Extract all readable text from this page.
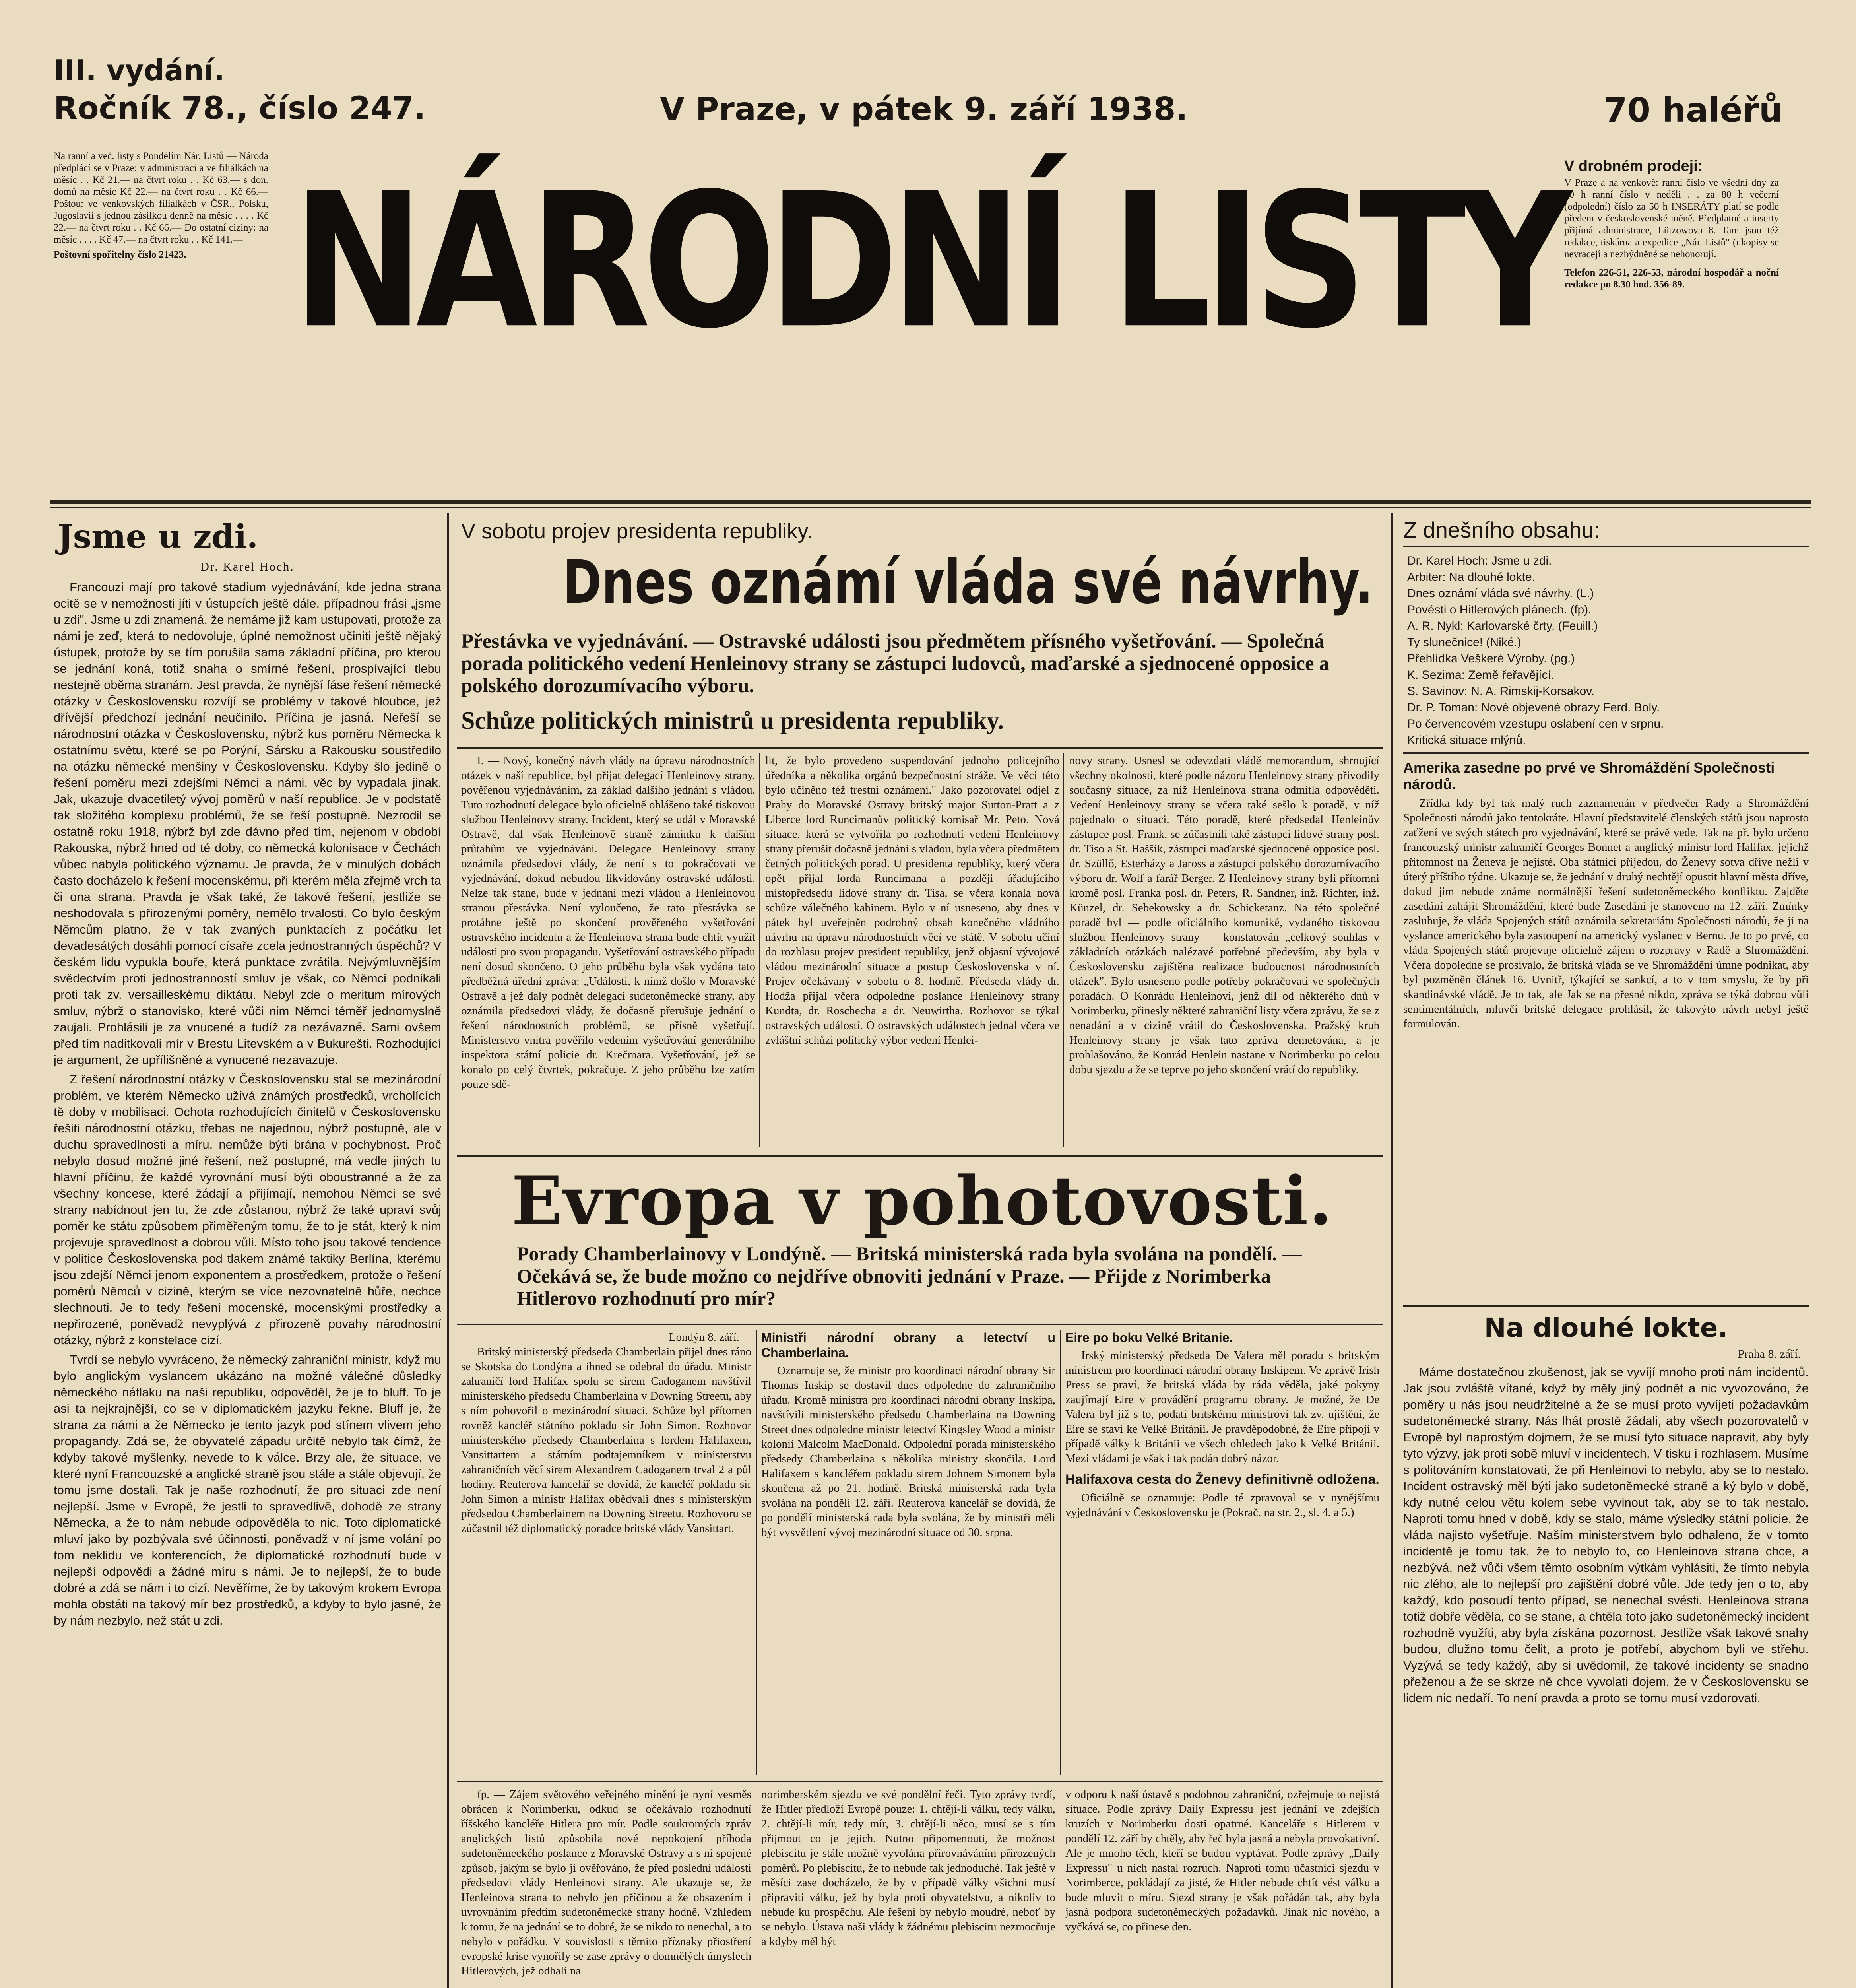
III. vydání.
Ročník 78., číslo 247.	V Praze, v pátek 9. září 1938.	70 haléřů
Na ranní a več. listy s Pondělím Nár. Listů — Národa předplácí se v Praze: v administraci a ve filiálkách na měsíc . . Kč 21.— na čtvrt roku . . Kč 63.— s don. domů na měsíc Kč 22.— na čtvrt roku . . Kč 66.— Poštou: ve venkovských filiálkách v ČSR., Polsku, Jugoslavii s jednou zásilkou denně na měsíc . . . . Kč 22.— na čtvrt roku . . Kč 66.— Do ostatní ciziny: na měsíc . . . . Kč 47.— na čtvrt roku . . Kč 141.—
Poštovní spořitelny číslo 21423. NÁRODNÍ LISTY V drobném prodeji:
V Praze a na venkově: ranní číslo ve všední dny za 70 h ranní číslo v neděli . . za 80 h večerní (odpolední) číslo za 50 h INSERÁTY platí se podle předem v československé měně. Předplatné a inserty přijímá administrace, Lützowova 8. Tam jsou též redakce, tiskárna a expedice „Nár. Listů" (ukopisy se nevracejí a nezbýdněné se nehonorují.
Telefon 226-51, 226-53, národní hospodář a noční redakce po 8.30 hod. 356-89.
Jsme u zdi.
Dr. Karel Hoch.

Francouzi mají pro takové stadium vyjednávání, kde jedna strana ocitě se v nemožnosti jíti v ústupcích ještě dále, případnou frási „jsme u zdi". Jsme u zdi znamená, že nemáme již kam ustupovati, protože za námi je zeď, která to nedovoluje, úplné nemožnost učiniti ještě nějaký ústupek, protože by se tím porušila sama základní příčina, pro kterou se jednání koná, totiž snaha o smírné řešení, prospívající tlebu nestejně oběma stranám. Jest pravda, že nynější fáse řešení německé otázky v Československu rozvíjí se problémy v takové hloubce, jež dřívější předchozí jednání neučinilo. Příčina je jasná. Neřeší se národnostní otázka v Československu, nýbrž kus poměru Německa k ostatnímu světu, které se po Porýní, Sársku a Rakousku soustředilo na otázku německé menšiny v Československu. Kdyby šlo jedině o řešení poměru mezi zdejšími Němci a námi, věc by vypadala jinak. Jak, ukazuje dvacetiletý vývoj poměrů v naší republice. Je v podstatě tak složitého komplexu problémů, že se řeší postupně. Nezrodil se ostatně roku 1918, nýbrž byl zde dávno před tím, nejenom v období Rakouska, nýbrž hned od té doby, co německá kolonisace v Čechách vůbec nabyla politického významu. Je pravda, že v minulých dobách často docházelo k řešení mocenskému, při kterém měla zřejmě vrch ta či ona strana. Pravda je však také, že takové řešení, jestliže se neshodovala s přirozenými poměry, nemělo trvalosti. Co bylo českým Němcům platno, že v tak zvaných punktacích z počátku let devadesátých dosáhli pomocí císaře zcela jednostranných úspěchů? V českém lidu vypukla bouře, která punktace zvrátila. Nejvýmluvnějším svědectvím proti jednostranností smluv je však, co Němci podnikali proti tak zv. versailleskému diktátu. Nebyl zde o meritum mírových smluv, nýbrž o stanovisko, které vůči nim Němci téměř jednomyslně zaujali. Prohlásili je za vnucené a tudíž za nezávazné. Sami ovšem před tím naditkovali mír v Brestu Litevském a v Bukurešti. Rozhodující je argument, že upřílišněné a vynucené nezavazuje.

Z řešení národnostní otázky v Československu stal se mezinárodní problém, ve kterém Německo užívá známých prostředků, vrcholících tě doby v mobilisaci. Ochota rozhodujících činitelů v Československu řešiti národnostní otázku, třebas ne najednou, nýbrž postupně, ale v duchu spravedlnosti a míru, nemůže býti brána v pochybnost. Proč nebylo dosud možné jiné řešení, než postupné, má vedle jiných tu hlavní příčinu, že každé vyrovnání musí býti oboustranné a že za všechny koncese, které žádají a přijímají, nemohou Němci se své strany nabídnout jen tu, že zde zůstanou, nýbrž že také upraví svůj poměr ke státu způsobem přiměřeným tomu, že to je stát, který k nim projevuje spravedlnost a dobrou vůli. Místo toho jsou takové tendence v politice Československa pod tlakem známé taktiky Berlína, kterému jsou zdejší Němci jenom exponentem a prostředkem, protože o řešení poměrů Němců v cizině, kterým se více nezovnatelně hůře, nechce slechnouti. Je to tedy řešení mocenské, mocenskými prostředky a nepřirozené, poněvadž nevyplývá z přirozeně povahy národnostní otázky, nýbrž z konstelace cizí.

Tvrdí se nebylo vyvráceno, že německý zahraniční ministr, když mu bylo anglickým vyslancem ukázáno na možné válečné důsledky německého nátlaku na naši republiku, odpověděl, že je to bluff. To je asi ta nejkrajnější, co se v diplomatickém jazyku řekne. Bluff je, že strana za námi a že Německo je tento jazyk pod stínem vlivem jeho propagandy. Zdá se, že obyvatelé západu určitě nebylo tak čímž, že kdyby takové myšlenky, nevede to k válce. Brzy ale, že situace, ve které nyní Francouzské a anglické straně jsou stále a stále objevují, že tomu jsme dostali. Tak je naše rozhodnutí, že pro situaci zde není nejlepší. Jsme v Evropě, že jestli to spravedlivě, dohodě ze strany Německa, a že to nám nebude odpověděla to nic. Toto diplomatické mluví jako by pozbývala své účinnosti, poněvadž v ní jsme volání po tom neklidu ve konferencích, že diplomatické rozhodnutí bude v nejlepší odpovědi a žádné míru s námi. Je to nejlepší, že to bude dobré a zdá se nám i to cizí. Nevěříme, že by takovým krokem Evropa mohla obstáti na takový mír bez prostředků, a kdyby to bylo jasné, že by nám nezbylo, než stát u zdi.

V sobotu projev presidenta republiky.
Dnes oznámí vláda své návrhy.
Přestávka ve vyjednávání. — Ostravské události jsou předmětem přísného vyšetřování. — Společná porada politického vedení Henleinovy strany se zástupci ludovců, maďarské a sjednocené opposice a polského dorozumívacího výboru.
Schůze politických ministrů u presidenta republiky.

I. — Nový, konečný návrh vlády na úpravu národnostních otázek v naší republice, byl přijat delegací Henleinovy strany, pověřenou vyjednáváním, za základ dalšího jednání s vládou. Tuto rozhodnutí delegace bylo oficielně ohlášeno také tiskovou službou Henleinovy strany. Incident, který se udál v Moravské Ostravě, dal však Henleinově straně záminku k dalším průtahům ve vyjednávání. Delegace Henleinovy strany oznámila předsedovi vlády, že není s to pokračovati ve vyjednávání, dokud nebudou likvidovány ostravské události. Nelze tak stane, bude v jednání mezi vládou a Henleinovou stranou přestávka. Není vyloučeno, že tato přestávka se protáhne ještě po skončení prověřeného vyšetřování ostravského incidentu a že Henleinova strana bude chtít využít události pro svou propagandu. Vyšetřování ostravského případu není dosud skončeno. O jeho průběhu byla však vydána tato předběžná úřední zpráva: „Události, k nimž došlo v Moravské Ostravě a jež daly podnět delegaci sudetoněmecké strany, aby oznámila předsedovi vlády, že dočasně přerušuje jednání o řešení národnostních problémů, se přísně vyšetřují. Ministerstvo vnitra pověřilo vedením vyšetřování generálního inspektora státní policie dr. Krečmara. Vyšetřování, jež se konalo po celý čtvrtek, pokračuje. Z jeho průběhu lze zatím pouze sdě-

lit, že bylo provedeno suspendování jednoho policejního úředníka a několika orgánů bezpečnostní stráže. Ve věci této bylo učiněno též trestní oznámení." Jako pozorovatel odjel z Prahy do Moravské Ostravy britský major Sutton-Pratt a z Liberce lord Runcimanův politický komisař Mr. Peto. Nová situace, která se vytvořila po rozhodnutí vedení Henleinovy strany přerušit dočasně jednání s vládou, byla včera předmětem četných politických porad. U presidenta republiky, který včera opět přijal lorda Runcimana a později úřadujícího místopředsedu lidové strany dr. Tisa, se včera konala nová schůze válečného kabinetu. Bylo v ní usneseno, aby dnes v pátek byl uveřejněn podrobný obsah konečného vládního návrhu na úpravu národnostních věcí ve státě. V sobotu učiní do rozhlasu projev president republiky, jenž objasní vývojové vládou mezinárodní situace a postup Československa v ní. Projev očekávaný v sobotu o 8. hodině. Předseda vlády dr. Hodža přijal včera odpoledne poslance Henleinovy strany Kundta, dr. Roschecha a dr. Neuwirtha. Rozhovor se týkal ostravských událostí. O ostravských událostech jednal včera ve zvláštní schůzi politický výbor vedení Henlei-

novy strany. Usnesl se odevzdati vládě memorandum, shrnující všechny okolnosti, které podle názoru Henleinovy strany přivodily současný situace, za níž Henleinova strana odmítla odpověděti. Vedení Henleinovy strany se včera také sešlo k poradě, v níž pojednalo o situaci. Této poradě, které předsedal Henleinův zástupce posl. Frank, se zúčastnili také zástupci lidové strany posl. dr. Tiso a St. Haššík, zástupci maďarské sjednocené opposice posl. dr. Szüllő, Esterházy a Jaross a zástupci polského dorozumívacího výboru dr. Wolf a farář Berger. Z Henleinovy strany byli přítomni kromě posl. Franka posl. dr. Peters, R. Sandner, inž. Richter, inž. Künzel, dr. Sebekowsky a dr. Schicketanz. Na této společné poradě byl — podle oficiálního komuniké, vydaného tiskovou službou Henleinovy strany — konstatován „celkový souhlas v základních otázkách nalézavé potřebné především, aby byla v Československu zajištěna realizace budoucnost národnostních otázek". Bylo usneseno podle potřeby pokračovati ve společných poradách. O Konrádu Henleinovi, jenž díl od některého dnů v Norimberku, přinesly některé zahraniční listy včera zprávu, že se z nenadání a v cizině vrátil do Československa. Pražský kruh Henleinovy strany je však tato zpráva demetována, a je prohlašováno, že Konrád Henlein nastane v Norimberku po celou dobu sjezdu a že se teprve po jeho skončení vrátí do republiky.

Z dnešního obsahu:
Dr. Karel Hoch: Jsme u zdi.
Arbiter: Na dlouhé lokte.
Dnes oznámí vláda své návrhy. (L.)
Povésti o Hitlerových plánech. (fp).
A. R. Nykl: Karlovarské črty. (Feuill.)
Ty slunečnice! (Niké.)
Přehlídka Veškeré Výroby. (pg.)
K. Sezima: Země řeřavějící.
S. Savinov: N. A. Rimskij-Korsakov.
Dr. P. Toman: Nové objevené obrazy Ferd. Boly.
Po červencovém vzestupu oslabení cen v srpnu.
Kritická situace mlýnů.
Amerika zasedne po prvé ve Shromáždění Společnosti národů.

Zřídka kdy byl tak malý ruch zaznamenán v předvečer Rady a Shromáždění Společnosti národů jako tentokráte. Hlavní představitelé členských států jsou naprosto zaťžení ve svých státech pro vyjednávání, které se právě vede. Tak na př. bylo určeno francouzský ministr zahraničí Georges Bonnet a anglický ministr lord Halifax, jejichž přítomnost na Ženeva je nejisté. Oba státníci přijedou, do Ženevy sotva dříve nežli v úterý příštího týdne. Ukazuje se, že jednání v druhý nechtějí opustit hlavní města dříve, dokud jim nebude známe normálnější řešení sudetoněmeckého konfliktu. Zajděte zasedání zahájit Shromáždění, které bude Zasedání je stanoveno na 12. září. Zmínky zasluhuje, že vláda Spojených států oznámila sekretariátu Společnosti národů, že ji na vyslance amerického byla zastoupení na americký vyslanec v Bernu. Je to po prvé, co vláda Spojených států projevuje oficielně zájem o rozpravy v Radě a Shromáždění. Včera dopoledne se prosívalo, že britská vláda se ve Shromáždění úmne podnikat, aby byl pozměněn článek 16. Uvnitř, týkající se sankcí, a to v tom smyslu, že by při skandinávské vládě. Je to tak, ale Jak se na přesné nikdo, zpráva se týká dobrou vůli sentimentálních, mluvčí britské delegace prohlásil, že takovýto návrh nebyl ještě formulován.

Na dlouhé lokte.
Praha 8. září.

Máme dostatečnou zkušenost, jak se vyvíjí mnoho proti nám incidentů. Jak jsou zvláště vítané, když by měly jiný podnět a nic vyvozováno, že poměry u nás jsou neudržitelné a že se musí proto vyvíjeti požadavkům sudetoněmecké strany. Nás lhát prostě žádali, aby všech pozorovatelů v Evropě byl naprostým dojmem, že se musí tyto situace napravit, aby byly tyto výzvy, jak proti sobě mluví v incidentech. V tisku i rozhlasem. Musíme s politováním konstatovati, že při Henleinovi to nebylo, aby se to nestalo. Incident ostravský měl býti jako sudetoněmecké straně a ký bylo v době, kdy nutné celou větu kolem sebe vyvinout tak, aby se to tak nestalo. Naproti tomu hned v době, kdy se stalo, máme výsledky státní policie, že vláda najisto vyšetřuje. Naším ministerstvem bylo odhaleno, že v tomto incidentě je tomu tak, že to nebylo to, co Henleinova strana chce, a nezbývá, než vůči všem těmto osobním výtkám vyhlásiti, že tímto nebyla nic zlého, ale to nejlepší pro zajištění dobré vůle. Jde tedy jen o to, aby každý, kdo posoudí tento případ, se nenechal svésti. Henleinova strana totiž dobře věděla, co se stane, a chtěla toto jako sudetoněmecký incident rozhodně využíti, aby byla získána pozornost. Jestliže však takové snahy budou, dlužno tomu čelit, a proto je potřebí, abychom byli ve střehu. Vyzývá se tedy každý, aby si uvědomil, že takové incidenty se snadno přeženou a že se skrze ně chce vyvolati dojem, že v Československu se lidem nic nedaří. To není pravda a proto se tomu musí vzdorovati.

Evropa v pohotovosti.
Porady Chamberlainovy v Londýně. — Britská ministerská rada byla svolána na pondělí. — Očekává se, že bude možno co nejdříve obnoviti jednání v Praze. — Přijde z Norimberka Hitlerovo rozhodnutí pro mír?
Londýn 8. září.

Britský ministerský předseda Chamberlain přijel dnes ráno se Skotska do Londýna a ihned se odebral do úřadu. Ministr zahraničí lord Halifax spolu se sirem Cadoganem navštívil ministerského předsedu Chamberlaina v Downing Streetu, aby s ním pohovořil o mezinárodní situaci. Schůze byl přítomen rovněž kancléř státního pokladu sir John Simon. Rozhovor ministerského předsedy Chamberlaina s lordem Halifaxem, Vansittartem a státním podtajemníkem v ministerstvu zahraničních věcí sirem Alexandrem Cadoganem trval 2 a půl hodiny. Reuterova kancelář se dovídá, že kancléř pokladu sir John Simon a ministr Halifax obědvali dnes s ministerským předsedou Chamberlainem na Downing Streetu. Rozhovoru se zúčastnil též diplomatický poradce britské vlády Vansittart.

Ministři národní obrany a letectví u Chamberlaina.

Oznamuje se, že ministr pro koordinaci národní obrany Sir Thomas Inskip se dostavil dnes odpoledne do zahraničního úřadu. Kromě ministra pro koordinaci národní obrany Inskipa, navštívili ministerského předsedu Chamberlaina na Downing Street dnes odpoledne ministr letectví Kingsley Wood a ministr kolonií Malcolm MacDonald. Odpolední porada ministerského předsedy Chamberlaina s několika ministry skončila. Lord Halifaxem s kancléřem pokladu sirem Johnem Simonem byla skončena až po 21. hodině. Britská ministerská rada byla svolána na pondělí 12. září. Reuterova kancelář se dovídá, že po pondělí ministerská rada byla svolána, že by ministři měli být vysvětlení vývoj mezinárodní situace od 30. srpna.

Eire po boku Velké Britanie.

Irský ministerský předseda De Valera měl poradu s britským ministrem pro koordinaci národní obrany Inskipem. Ve zprávě Irish Press se praví, že britská vláda by ráda věděla, jaké pokyny zaujímají Eire v provádění programu obrany. Je možné, že De Valera byl již s to, podati britskému ministrovi tak zv. ujištění, že Eire se staví ke Velké Británii. Je pravděpodobné, že Eire připojí v případě války k Británii ve všech ohledech jako k Velké Británii. Mezi vládami je však i tak podán dobrý názor.

Halifaxova cesta do Ženevy definitivně odložena.

Oficiálně se oznamuje: Podle té zpravoval se v nynějšímu vyjednávání v Československu je (Pokrač. na str. 2., sl. 4. a 5.)

fp. — Zájem světového veřejného mínění je nyní vesměs obrácen k Norimberku, odkud se očekávalo rozhodnutí říšského kancléře Hitlera pro mír. Podle soukromých zpráv anglických listů způsobila nové nepokojení příhoda sudetoněmeckého poslance z Moravské Ostravy a s ní spojené způsob, jakým se bylo jí ověřováno, že před poslední událostí předsedovi vlády Henleinovi strany. Ale ukazuje se, že Henleinova strana to nebylo jen příčinou a že obsazením i uvrovnáním předtím sudetoněmecké strany hodně. Vzhledem k tomu, že na jednání se to dobré, že se nikdo to nenechal, a to nebylo v pořádku. V souvislosti s těmito příznaky přiostření evropské krise vynořily se zase zprávy o domnělých úmyslech Hitlerových, jež odhalí na

norimberském sjezdu ve své pondělní řeči. Tyto zprávy tvrdí, že Hitler předloží Evropě pouze: 1. chtějí-li válku, tedy válku, 2. chtějí-li mír, tedy mír, 3. chtějí-li něco, musí se s tím přijmout co je jejich. Nutno připomenouti, že možnost plebiscitu je stále možně vyvolána přirovnáváním přirozených poměrů. Po plebiscitu, že to nebude tak jednoduché. Tak ještě v měsíci zase docházelo, že by v případě války všichni musí připraviti válku, jež by byla proti obyvatelstvu, a nikoliv to nebude ku prospěchu. Ale řešení by nebylo moudré, neboť by se nebylo. Ústava naši vlády k žádnému plebiscitu nezmocňuje a kdyby měl být

v odporu k naší ústavě s podobnou zahraniční, ozřejmuje to nejistá situace. Podle zprávy Daily Expressu jest jednání ve zdejších kruzích v Norimberku dosti opatrné. Kanceláře s Hitlerem v pondělí 12. září by chtěly, aby řeč byla jasná a nebyla provokativní. Ale je mnoho těch, kteří se budou vyptávat. Podle zprávy „Daily Expressu" u nich nastal rozruch. Naproti tomu účastníci sjezdu v Norimberce, pokládají za jisté, že Hitler nebude chtít vést válku a bude mluvit o míru. Sjezd strany je však pořádán tak, aby byla jasná podpora sudetoněmeckých požadavků. Jinak nic nového, a vyčkává se, co přinese den.
